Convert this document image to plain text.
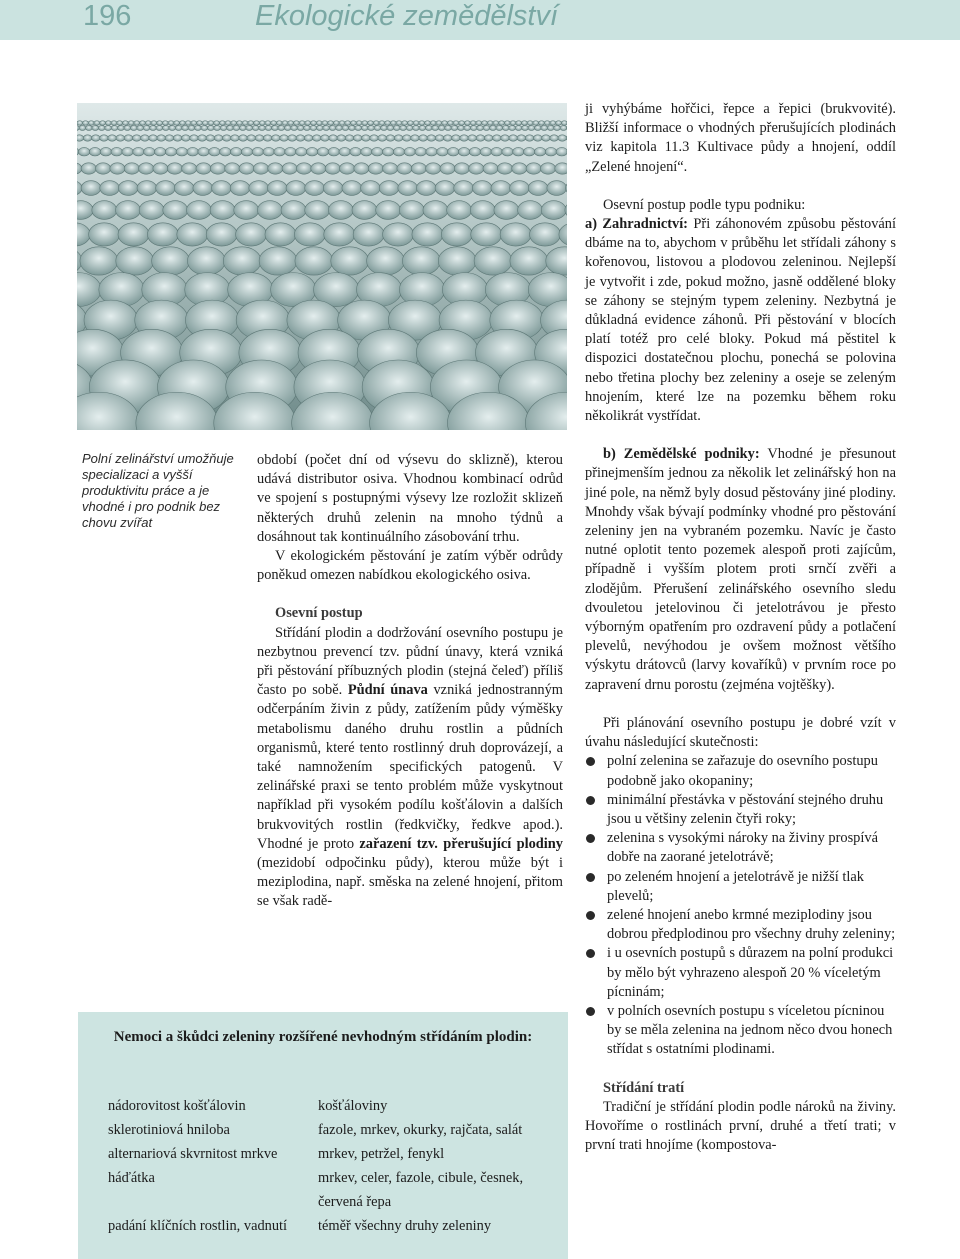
196	Ekologické zemědělství
Polní zelinářství umožňuje specializaci a vyšší produktivitu práce a je vhodné i pro podnik bez chovu zvířat

období (počet dní od výsevu do sklizně), kterou udává distributor osiva. Vhodnou kombinací odrůd ve spojení s postupnými výsevy lze rozložit sklizeň některých druhů zelenin na mnoho týdnů a dosáhnout tak kontinuálního zásobování trhu.

V ekologickém pěstování je zatím výběr odrůdy poněkud omezen nabídkou ekologického osiva.

Osevní postup

Střídání plodin a dodržování osevního postupu je nezbytnou prevencí tzv. půdní únavy, která vzniká při pěstování příbuzných plodin (stejná čeleď) příliš často po sobě. Půdní únava vzniká jednostranným odčerpáním živin z půdy, zatížením půdy výměšky metabolismu daného druhu rostlin a půdních organismů, které tento rostlinný druh doprovázejí, a také namnožením specifických patogenů. V zelinářské praxi se tento problém může vyskytnout například při vysokém podílu košťálovin a dalších brukvovitých rostlin (ředkvičky, ředkve apod.). Vhodné je proto zařazení tzv. přerušující plodiny (mezidobí odpočinku půdy), kterou může být i meziplodina, např. směska na zelené hnojení, přitom se však radě-

ji vyhýbáme hořčici, řepce a řepici (brukvovité). Bližší informace o vhodných přerušujících plodinách viz kapitola 11.3 Kultivace půdy a hnojení, oddíl „Zelené hnojení“.

Osevní postup podle typu podniku:

a) Zahradnictví: Při záhonovém způsobu pěstování dbáme na to, abychom v průběhu let střídali záhony s kořenovou, listovou a plodovou zeleninou. Nejlepší je vytvořit i zde, pokud možno, jasně oddělené bloky se záhony se stejným typem zeleniny. Nezbytná je důkladná evidence záhonů. Při pěstování v blocích platí totéž pro celé bloky. Pokud má pěstitel k dispozici dostatečnou plochu, ponechá se polovina nebo třetina plochy bez zeleniny a oseje se zeleným hnojením, které lze na pozemku během roku několikrát vystřídat.

b) Zemědělské podniky: Vhodné je přesunout přinejmenším jednou za několik let zelinářský hon na jiné pole, na němž byly dosud pěstovány jiné plodiny. Mnohdy však bývají podmínky vhodné pro pěstování zeleniny jen na vybraném pozemku. Navíc je často nutné oplotit tento pozemek alespoň proti zajícům, případně i vyšším plotem proti srnčí zvěři a zlodějům. Přerušení zelinářského osevního sledu dvouletou jetelovinou či jetelotrávou je přesto výborným opatřením pro ozdravení půdy a potlačení plevelů, nevýhodou je ovšem možnost většího výskytu drátovců (larvy kovaříků) v prvním roce po zapravení drnu porostu (zejména vojtěšky).

Při plánování osevního postupu je dobré vzít v úvahu následující skutečnosti:

polní zelenina se zařazuje do osevního postupu podobně jako okopaniny;
minimální přestávka v pěstování stejného druhu jsou u většiny zelenin čtyři roky;
zelenina s vysokými nároky na živiny prospívá dobře na zaorané jetelotrávě;
po zeleném hnojení a jetelotrávě je nižší tlak plevelů;
zelené hnojení anebo krmné meziplodiny jsou dobrou předplodinou pro všechny druhy zeleniny;
i u osevních postupů s důrazem na polní produkci by mělo být vyhrazeno alespoň 20 % víceletým pícninám;
v polních osevních postupu s víceletou pícninou by se měla zelenina na jednom něco dvou honech střídat s ostatními plodinami.

Střídání tratí

Tradiční je střídání plodin podle nároků na živiny. Hovoříme o rostlinách první, druhé a třetí trati; v první trati hnojíme (kompostova-

Nemoci a škůdci zeleniny rozšířené nevhodným střídáním plodin:
nádorovitost košťálovin	košťáloviny
sklerotiniová hniloba	fazole, mrkev, okurky, rajčata, salát
alternariová skvrnitost mrkve	mrkev, petržel, fenykl
háďátka	mrkev, celer, fazole, cibule, česnek, červená řepa
padání klíčních rostlin, vadnutí	téměř všechny druhy zeleniny
